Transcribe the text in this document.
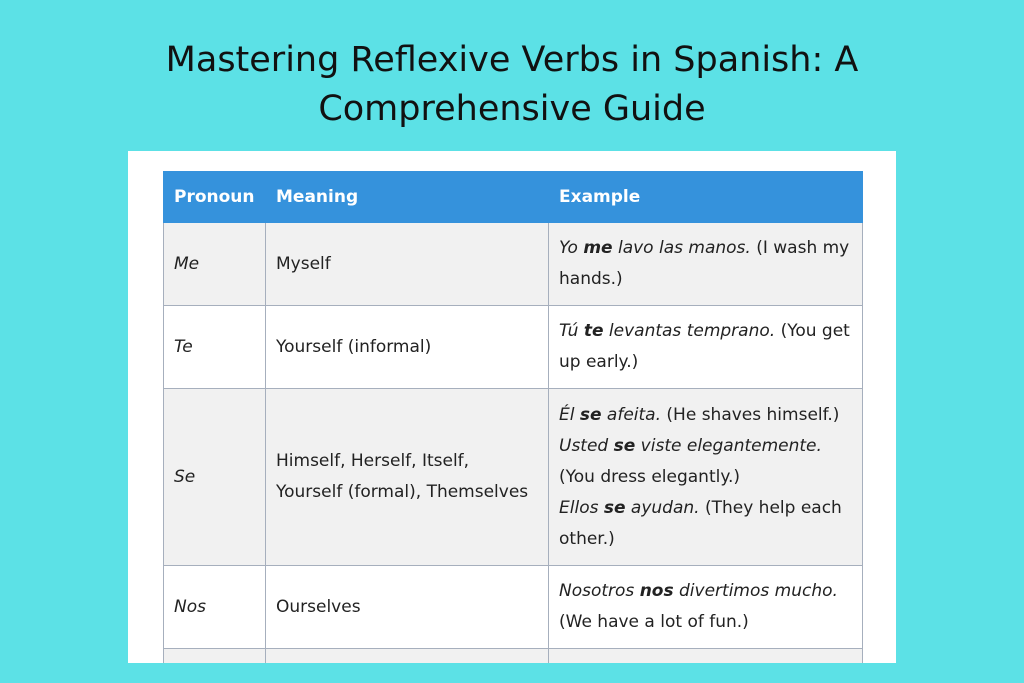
Mastering Reflexive Verbs in Spanish: A
Comprehensive Guide
Pronoun	Meaning	Example
Me	Myself	Yo me lavo las manos. (I wash my hands.)

Te	Yourself (informal)	Tú te levantas temprano. (You get up early.)

Se	Himself, Herself, Itself, Yourself (formal), Themselves	Él se afeita. (He shaves himself.)
Usted se viste elegantemente. (You dress elegantly.)
Ellos se ayudan. (They help each other.)

Nos	Ourselves	Nosotros nos divertimos mucho. (We have a lot of fun.)
